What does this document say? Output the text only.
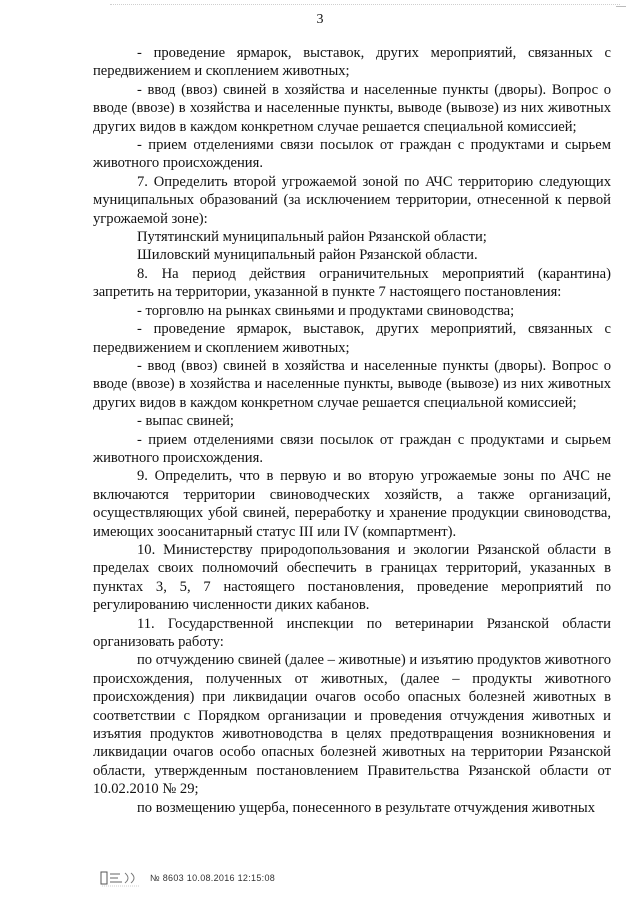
3

- проведение ярмарок, выставок, других мероприятий, связанных с передвижением и скоплением животных;

- ввод (ввоз) свиней в хозяйства и населенные пункты (дворы). Вопрос о вводе (ввозе) в хозяйства и населенные пункты, выводе (вывозе) из них животных других видов в каждом конкретном случае решается специальной комиссией;

- прием отделениями связи посылок от граждан с продуктами и сырьем животного происхождения.

7. Определить второй угрожаемой зоной по АЧС территорию следующих муниципальных образований (за исключением территории, отнесенной к первой угрожаемой зоне):

Путятинский муниципальный район Рязанской области;

Шиловский муниципальный район Рязанской области.

8. На период действия ограничительных мероприятий (карантина) запретить на территории, указанной в пункте 7 настоящего постановления:

- торговлю на рынках свиньями и продуктами свиноводства;

- проведение ярмарок, выставок, других мероприятий, связанных с передвижением и скоплением животных;

- ввод (ввоз) свиней в хозяйства и населенные пункты (дворы). Вопрос о вводе (ввозе) в хозяйства и населенные пункты, выводе (вывозе) из них животных других видов в каждом конкретном случае решается специальной комиссией;

- выпас свиней;

- прием отделениями связи посылок от граждан с продуктами и сырьем животного происхождения.

9. Определить, что в первую и во вторую угрожаемые зоны по АЧС не включаются территории свиноводческих хозяйств, а также организаций, осуществляющих убой свиней, переработку и хранение продукции свиноводства, имеющих зоосанитарный статус III или IV (компартмент).

10. Министерству природопользования и экологии Рязанской области в пределах своих полномочий обеспечить в границах территорий, указанных в пунктах 3, 5, 7 настоящего постановления, проведение мероприятий по регулированию численности диких кабанов.

11. Государственной инспекции по ветеринарии Рязанской области организовать работу:

по отчуждению свиней (далее – животные) и изъятию продуктов животного происхождения, полученных от животных, (далее – продукты животного происхождения) при ликвидации очагов особо опасных болезней животных в соответствии с Порядком организации и проведения отчуждения животных и изъятия продуктов животноводства в целях предотвращения возникновения и ликвидации очагов особо опасных болезней животных на территории Рязанской области, утвержденным постановлением Правительства Рязанской области от 10.02.2010 № 29;

по возмещению ущерба, понесенного в результате отчуждения животных

№ 8603 10.08.2016 12:15:08
